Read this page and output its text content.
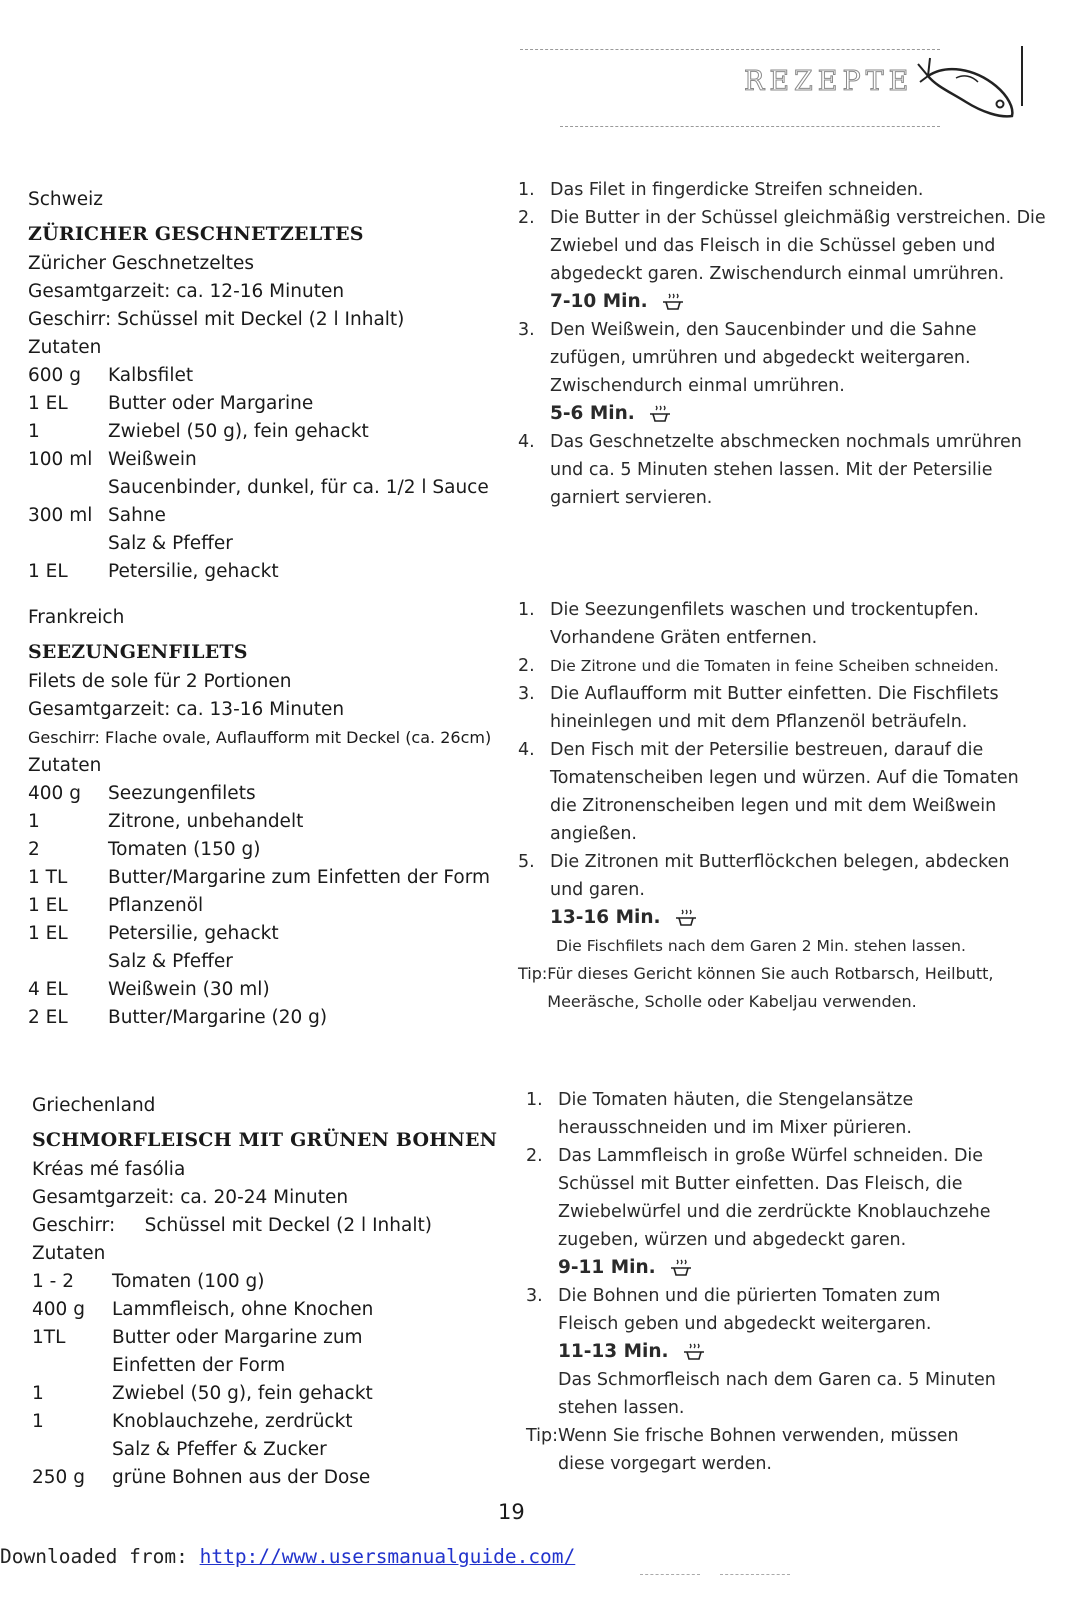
REZEPTE
Schweiz
ZÜRICHER GESCHNETZELTES
Züricher Geschnetzeltes
Gesamtgarzeit: ca. 12-16 Minuten
Geschirr: Schüssel mit Deckel (2 l Inhalt)
Zutaten
600 g	Kalbsfilet
1 EL	Butter oder Margarine
1	Zwiebel (50 g), fein gehackt
100 ml Weißwein
Saucenbinder, dunkel, für ca. 1/2 l Sauce
300 ml Sahne
Salz & Pfeffer
1 EL	Petersilie, gehackt
1. Das Filet in fingerdicke Streifen schneiden.
2. Die Butter in der Schüssel gleichmäßig verstreichen. Die Zwiebel und das Fleisch in die Schüssel geben und abgedeckt garen. Zwischendurch einmal umrühren.
7-10 Min.
3. Den Weißwein, den Saucenbinder und die Sahne zufügen, umrühren und abgedeckt weitergaren. Zwischendurch einmal umrühren.
5-6 Min.
4. Das Geschnetzelte abschmecken nochmals umrühren und ca. 5 Minuten stehen lassen. Mit der Petersilie garniert servieren.
Frankreich
SEEZUNGENFILETS
Filets de sole für 2 Portionen
Gesamtgarzeit: ca. 13-16 Minuten
Geschirr: Flache ovale, Auflaufform mit Deckel (ca. 26cm)
Zutaten
400 g	Seezungenfilets
1	Zitrone, unbehandelt
2	Tomaten (150 g)
1 TL	Butter/Margarine zum Einfetten der Form
1 EL	Pflanzenöl
1 EL	Petersilie, gehackt
Salz & Pfeffer
4 EL	Weißwein (30 ml)
2 EL	Butter/Margarine (20 g)
1. Die Seezungenfilets waschen und trockentupfen. Vorhandene Gräten entfernen.
2. Die Zitrone und die Tomaten in feine Scheiben schneiden.
3. Die Auflaufform mit Butter einfetten. Die Fischfilets hineinlegen und mit dem Pflanzenöl beträufeln.
4. Den Fisch mit der Petersilie bestreuen, darauf die Tomatenscheiben legen und würzen. Auf die Tomaten die Zitronenscheiben legen und mit dem Weißwein angießen.
5. Die Zitronen mit Butterflöckchen belegen, abdecken und garen.
13-16 Min.
Die Fischfilets nach dem Garen 2 Min. stehen lassen.
Tip: Für dieses Gericht können Sie auch Rotbarsch, Heilbutt, Meeräsche, Scholle oder Kabeljau verwenden.
Griechenland
SCHMORFLEISCH MIT GRÜNEN BOHNEN
Kréas mé fasólia
Gesamtgarzeit: ca. 20-24 Minuten
Geschirr:     Schüssel mit Deckel (2 l Inhalt)
Zutaten
1 - 2	Tomaten (100 g)
400 g	Lammfleisch, ohne Knochen
1TL	Butter oder Margarine zum
Einfetten der Form
1	Zwiebel (50 g), fein gehackt
1	Knoblauchzehe, zerdrückt
Salz & Pfeffer & Zucker
250 g	grüne Bohnen aus der Dose
1. Die Tomaten häuten, die Stengelansätze herausschneiden und im Mixer pürieren.
2. Das Lammfleisch in große Würfel schneiden. Die Schüssel mit Butter einfetten. Das Fleisch, die Zwiebelwürfel und die zerdrückte Knoblauchzehe zugeben, würzen und abgedeckt garen.
9-11 Min.
3. Die Bohnen und die pürierten Tomaten zum Fleisch geben und abgedeckt weitergaren.
11-13 Min.
Das Schmorfleisch nach dem Garen ca. 5 Minuten stehen lassen.
Tip: Wenn Sie frische Bohnen verwenden, müssen diese vorgegart werden.
19
Downloaded from: http://www.usersmanualguide.com/
